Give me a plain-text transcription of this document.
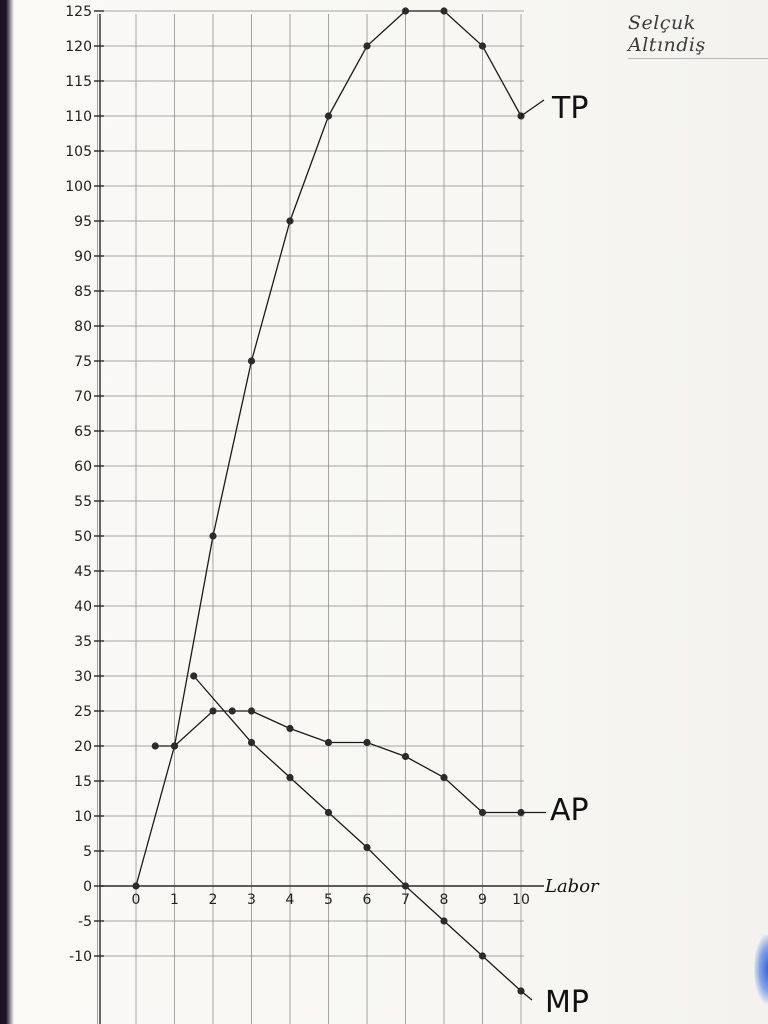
Selçuk Altındiş
125
120
115
110
105
100
95
90
85
80
75
70
65
60
55
50
45
40
35
30
25
20
15
10
5
0
-5
-10
0 1 2 3 4 5 6 7 8 9 10
Labor
TP
AP
MP
